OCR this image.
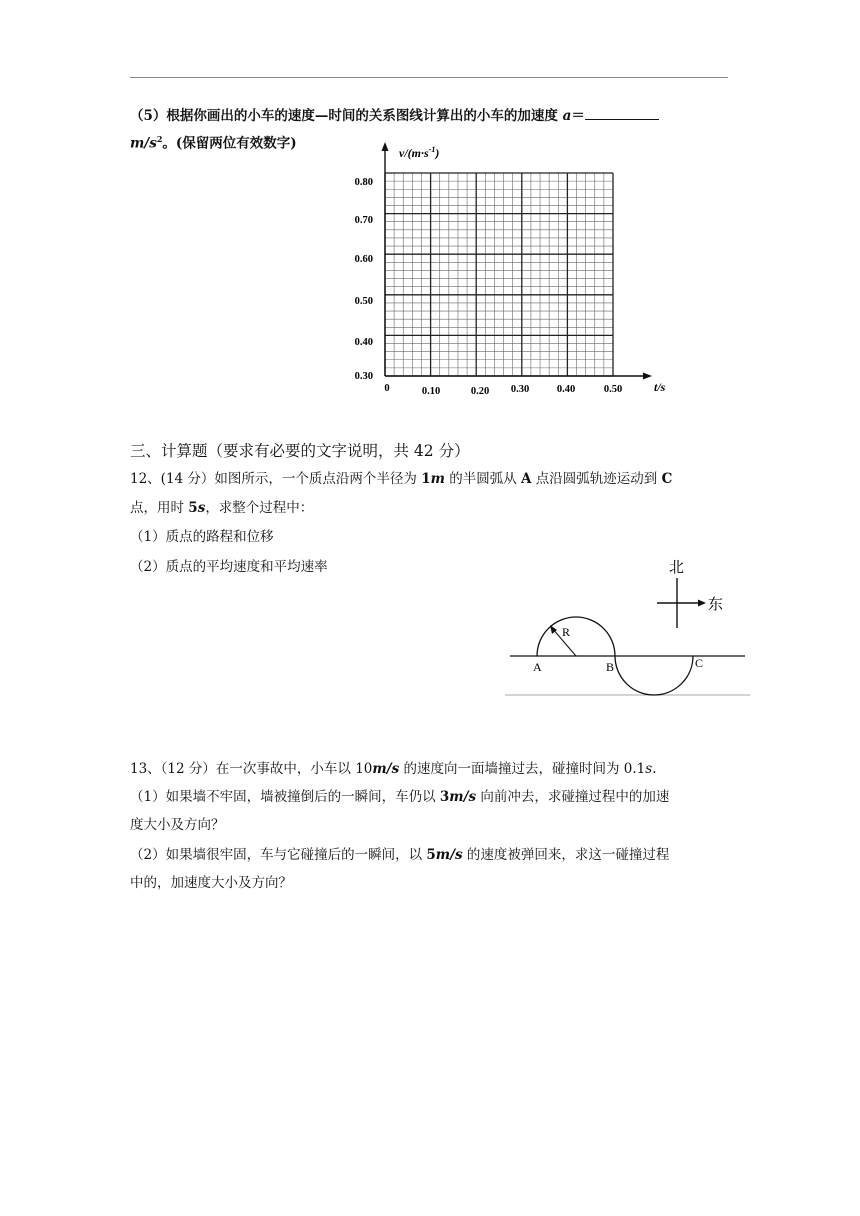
（5）根据你画出的小车的速度—时间的关系图线计算出的小车的加速度 a＝
$m/s^2$。(保留两位有效数字)
$v/(m\cdot s^{-1})$
t/s
0.80
0.70
0.60
0.50
0.40
0.30
0	0.10	0.20 0.30	0.40	0.50
三、计算题（要求有必要的文字说明，共 42 分）
12、(14 分）如图所示，一个质点沿两个半径为 1m 的半圆弧从 A 点沿圆弧轨迹运动到 C
点，用时 5s，求整个过程中：
（1）质点的路程和位移
（2）质点的平均速度和平均速率	北
东
R
A	B	C
13、（12 分）在一次事故中，小车以 10m/s 的速度向一面墙撞过去，碰撞时间为 0.1s.
（1）如果墙不牢固，墙被撞倒后的一瞬间，车仍以 3m/s 向前冲去，求碰撞过程中的加速
度大小及方向？
（2）如果墙很牢固，车与它碰撞后的一瞬间，以 5m/s 的速度被弹回来，求这一碰撞过程
中的，加速度大小及方向？
